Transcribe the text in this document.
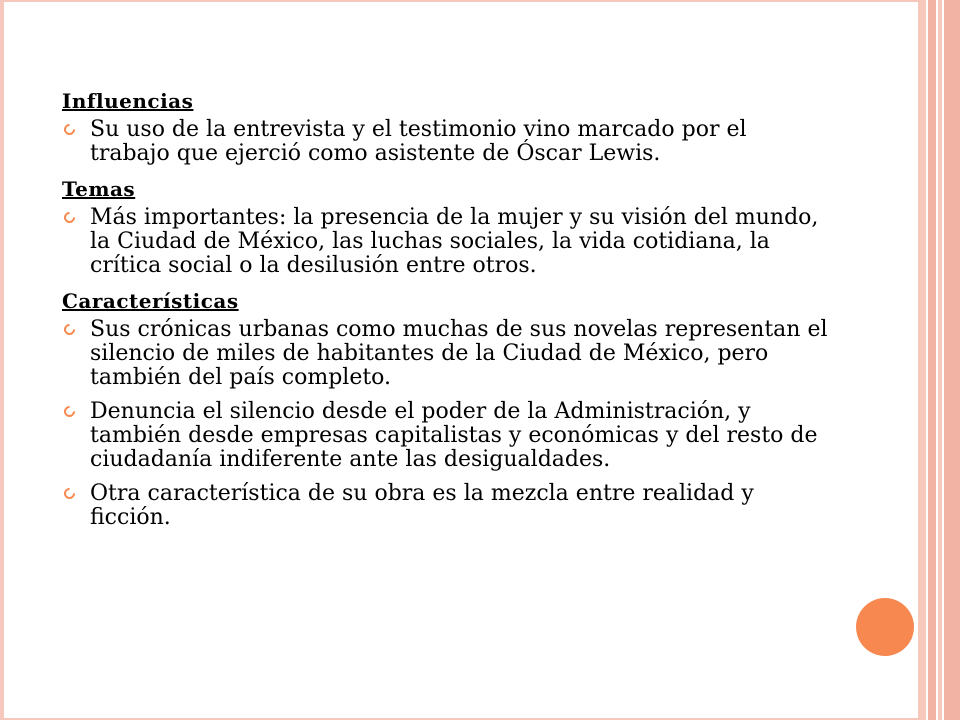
Influencias
Su uso de la entrevista y el testimonio vino marcado por el trabajo que ejerció como asistente de Óscar Lewis.
Temas
Más importantes: la presencia de la mujer y su visión del mundo, la Ciudad de México, las luchas sociales, la vida cotidiana, la crítica social o la desilusión entre otros.
Características
Sus crónicas urbanas como muchas de sus novelas representan el silencio de miles de habitantes de la Ciudad de México, pero también del país completo.
Denuncia el silencio desde el poder de la Administración, y también desde empresas capitalistas y económicas y del resto de ciudadanía indiferente ante las desigualdades.
Otra característica de su obra es la mezcla entre realidad y ficción.
